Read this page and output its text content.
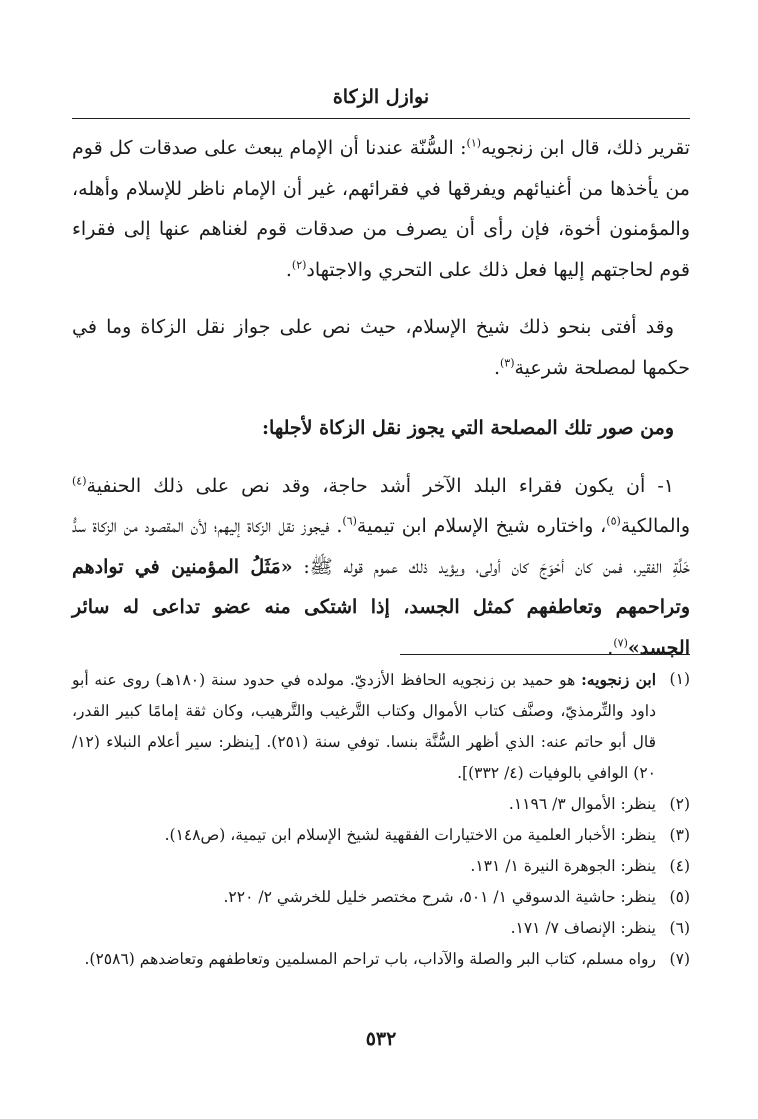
نوازل الزكاة

تقرير ذلك، قال ابن زنجويه$^{(١)}$: السُّنّة عندنا أن الإمام يبعث على صدقات كل قوم من يأخذها من أغنيائهم ويفرقها في فقرائهم، غير أن الإمام ناظر للإسلام وأهله، والمؤمنون أخوة، فإن رأى أن يصرف من صدقات قوم لغناهم عنها إلى فقراء قوم لحاجتهم إليها فعل ذلك على التحري والاجتهاد$^{(٢)}$.

وقد أفتى بنحو ذلك شيخ الإسلام، حيث نص على جواز نقل الزكاة وما في حكمها لمصلحة شرعية$^{(٣)}$.

ومن صور تلك المصلحة التي يجوز نقل الزكاة لأجلها:

١- أن يكون فقراء البلد الآخر أشد حاجة، وقد نص على ذلك الحنفية$^{(٤)}$ والمالكية$^{(٥)}$، واختاره شيخ الإسلام ابن تيمية$^{(٦)}$. فيجوز نقل الزكاة إليهم؛ لأن المقصود من الزكاة سدُّ خَلَّةِ الفقير، فمن كان أحْوَجَ كان أولى، ويؤيد ذلك عموم قوله ﷺ: «مَثَلُ المؤمنين في توادهم وتراحمهم وتعاطفهم كمثل الجسد، إذا اشتكى منه عضو تداعى له سائر الجسد»$^{(٧)}$.

(١)
ابن زنجويه: هو حميد بن زنجويه الحافظ الأزديّ. مولده في حدود سنة (١٨٠هـ) روى عنه أبو داود والتِّرمذيّ، وصنَّف كتاب الأموال وكتاب التَّرغيب والتَّرهيب، وكان ثقة إمامًا كبير القدر، قال أبو حاتم عنه: الذي أظهر السُّنَّة بنسا. توفي سنة (٢٥١). [ينظر: سير أعلام النبلاء (١٢/ ٢٠) الوافي بالوفيات (٤/ ٣٣٢)].
(٢)
ينظر: الأموال ٣/ ١١٩٦.
(٣)
ينظر: الأخبار العلمية من الاختيارات الفقهية لشيخ الإسلام ابن تيمية، (ص١٤٨).
(٤)
ينظر: الجوهرة النيرة ١/ ١٣١.
(٥)
ينظر: حاشية الدسوقي ١/ ٥٠١، شرح مختصر خليل للخرشي ٢/ ٢٢٠.
(٦)
ينظر: الإنصاف ٧/ ١٧١.
(٧)
رواه مسلم، كتاب البر والصلة والآداب، باب تراحم المسلمين وتعاطفهم وتعاضدهم (٢٥٨٦).
٥٣٢
